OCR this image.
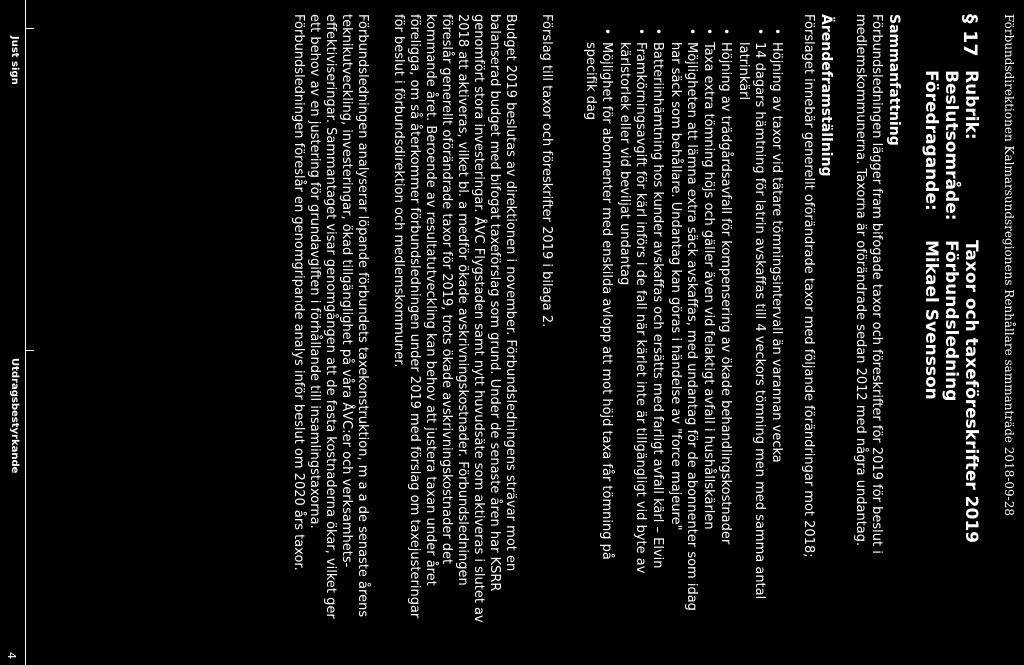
Förbundsdirektionen Kalmarsundsregionens Renhållare sammanträde 2018-09-28
§ 17
Rubrik:
Taxor och taxeföreskrifter 2019
Beslutsområde:
Förbundsledning
Föredragande:
Mikael Svensson
Sammanfattning
Förbundsledningen lägger fram bifogade taxor och föreskrifter för 2019 för beslut i
medlemskommunerna. Taxorna är oförändrade sedan 2012 med några undantag.
Ärendeframställning
Förslaget innebär generellt oförändrade taxor med följande förändringar mot 2018;
•
Höjning av taxor vid tätare tömningsintervall än varannan vecka
•
14 dagars hämtning för latrin avskaffas till 4 veckors tömning men med samma antal
latrinkärl
•
Höjning av trädgårdsavfall för kompensering av ökade behandlingskostnader
•
Taxa extra tömning höjs och gäller även vid felaktigt avfall i hushållskärlen
•
Möjligheten att lämna extra säck avskaffas, med undantag för de abonnenter som idag
har säck som behållare. Undantag kan göras i händelse av "force majeure"
•
Batteriinhämtning hos kunder avskaffas och ersätts med farligt avfall kärl – Elvin
•
Framkörningsavgift för kärl införs i de fall när kärlet inte är tillgängligt vid byte av
kärlstorlek eller vid beviljat undantag
•
Möjlighet för abonnenter med enskilda avlopp att mot höjd taxa får tömning på
specifik dag
Förslag till taxor och föreskrifter 2019 i bilaga 2.
Budget 2019 beslutas av direktionen i november. Förbundsledningens strävar mot en
balanserad budget med bifogat taxeförslag som grund. Under de senaste åren har KSRR
genomfört stora investeringar. ÅVC Flygstaden samt nytt huvudsäte som aktiveras i slutet av
2018 att aktiveras, vilket bl. a medför ökade avskrivningskostnader. Förbundsledningen
föreslår generellt oförändrade taxor för 2019, trots ökade avskrivningskostnader det
kommande året. Beroende av resultatutveckling kan behov att justera taxan under året
föreligga, om så återkommer förbundsledningen under 2019 med förslag om taxejusteringar
för beslut i förbundsdirektion och medlemskommuner.
Förbundsledningen analyserar löpande förbundets taxekonstruktion, m a a de senaste årens
teknikutveckling, investeringar, ökad tillgänglighet på våra ÅVC:er och verksamhets-
effektiviseringar. Sammantaget visar genomgången att de fasta kostnaderna ökar, vilket ger
ett behov av en justering för grundavgiften i förhållande till insamlingstaxorna.
Förbundsledningen föreslår en genomgripande analys inför beslut om 2020 års taxor.
Just sign
Utdragsbestyrkande
4
